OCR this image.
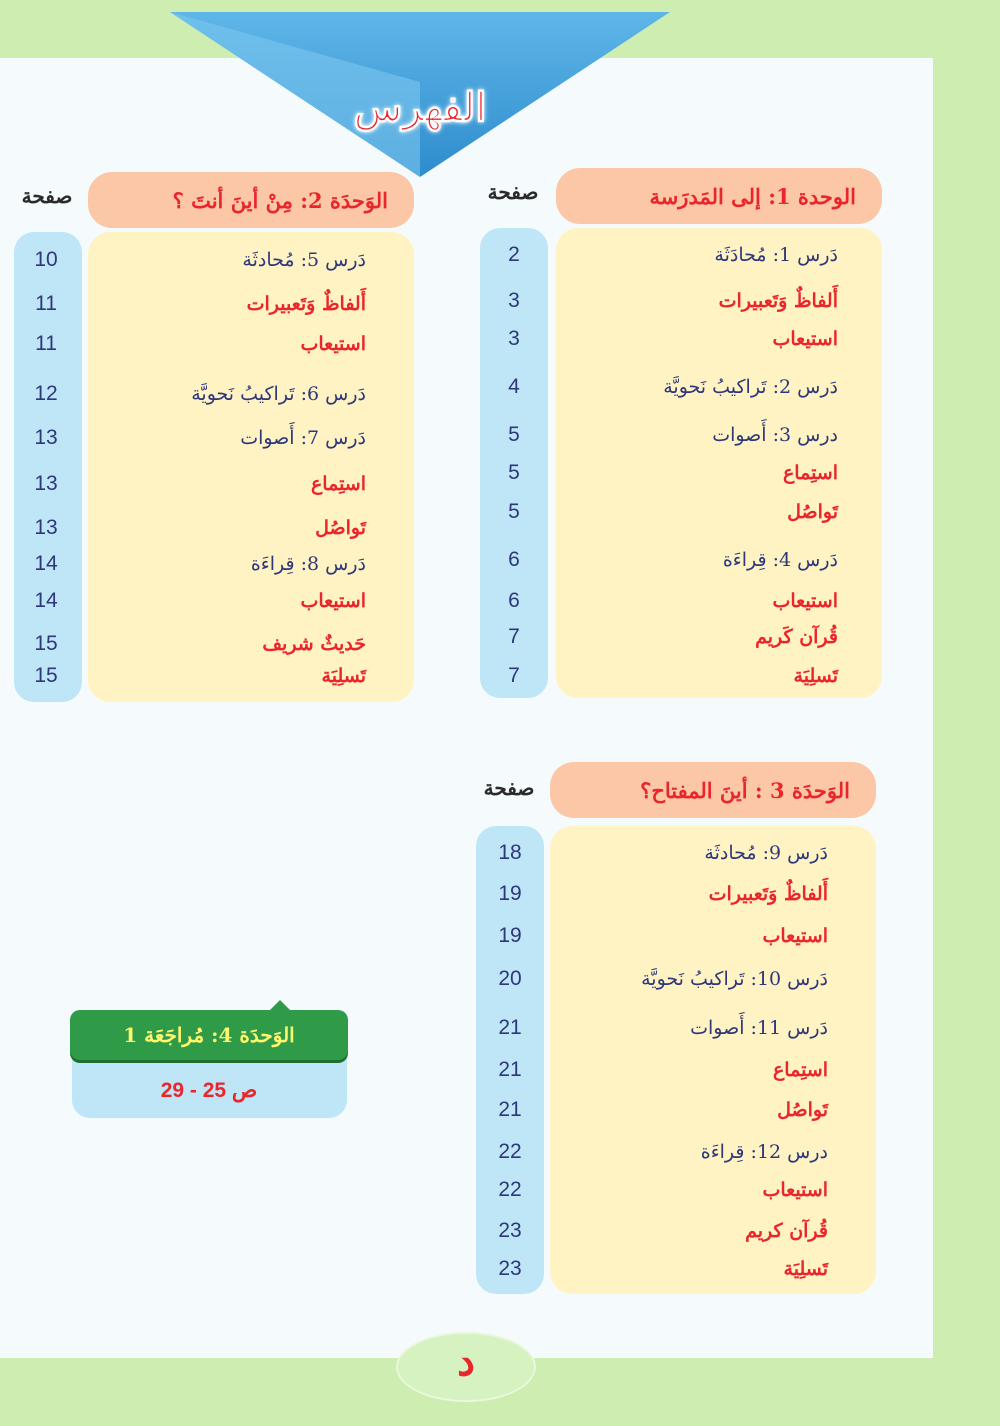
الفهرس
الوحدة 1: إلى المَدرَسة
صفحة
دَرس 1: مُحادَثَة
2
أَلفاظٌ وَتَعبيرات
3
استيعاب
3
دَرس 2: تَراكيبُ نَحويَّة
4
درس 3: أَصوات
5
استِماع
5
تَواصُل
5
دَرس 4: قِراءَة
6
استيعاب
6
قُرآن كَريم
7
تَسلِيَة
7
الوَحدَة 2: مِنْ أينَ أنتَ ؟
صفحة
دَرس 5: مُحادثَة
10
أَلفاظٌ وَتَعبيرات
11
استيعاب
11
دَرس 6: تَراكيبُ نَحويَّة
12
دَرس 7: أَصوات
13
استِماع
13
تَواصُل
13
دَرس 8: قِراءَة
14
استيعاب
14
حَديثٌ شريف
15
تَسلِيَة
15
الوَحدَة 3 : أينَ المفتاح؟
صفحة
دَرس 9: مُحادثَة
18
أَلفاظٌ وَتَعبيرات
19
استيعاب
19
دَرس 10: تَراكيبُ نَحويَّة
20
دَرس 11: أَصوات
21
استِماع
21
تَواصُل
21
درس 12: قِراءَة
22
استيعاب
22
قُرآن كريم
23
تَسلِيَة
23
الوَحدَة 4: مُراجَعَة 1
ص 25 - 29
د
